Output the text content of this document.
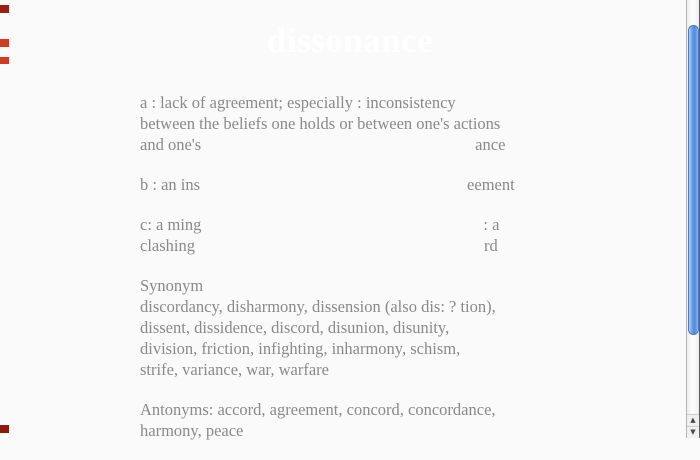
dissonance
a : lack of agreement; especially : inconsistency
between the beliefs one holds or between one's actions
and one's	ance
b : an ins	eement
c: a ming	: a
clashing	rd
Synonym
discordancy, disharmony, dissension (also dis: ? tion),
dissent, dissidence, discord, disunion, disunity,
division, friction, infighting, inharmony, schism,
strife, variance, war, warfare
Antonyms: accord, agreement, concord, concordance,
harmony, peace
▲
▼
